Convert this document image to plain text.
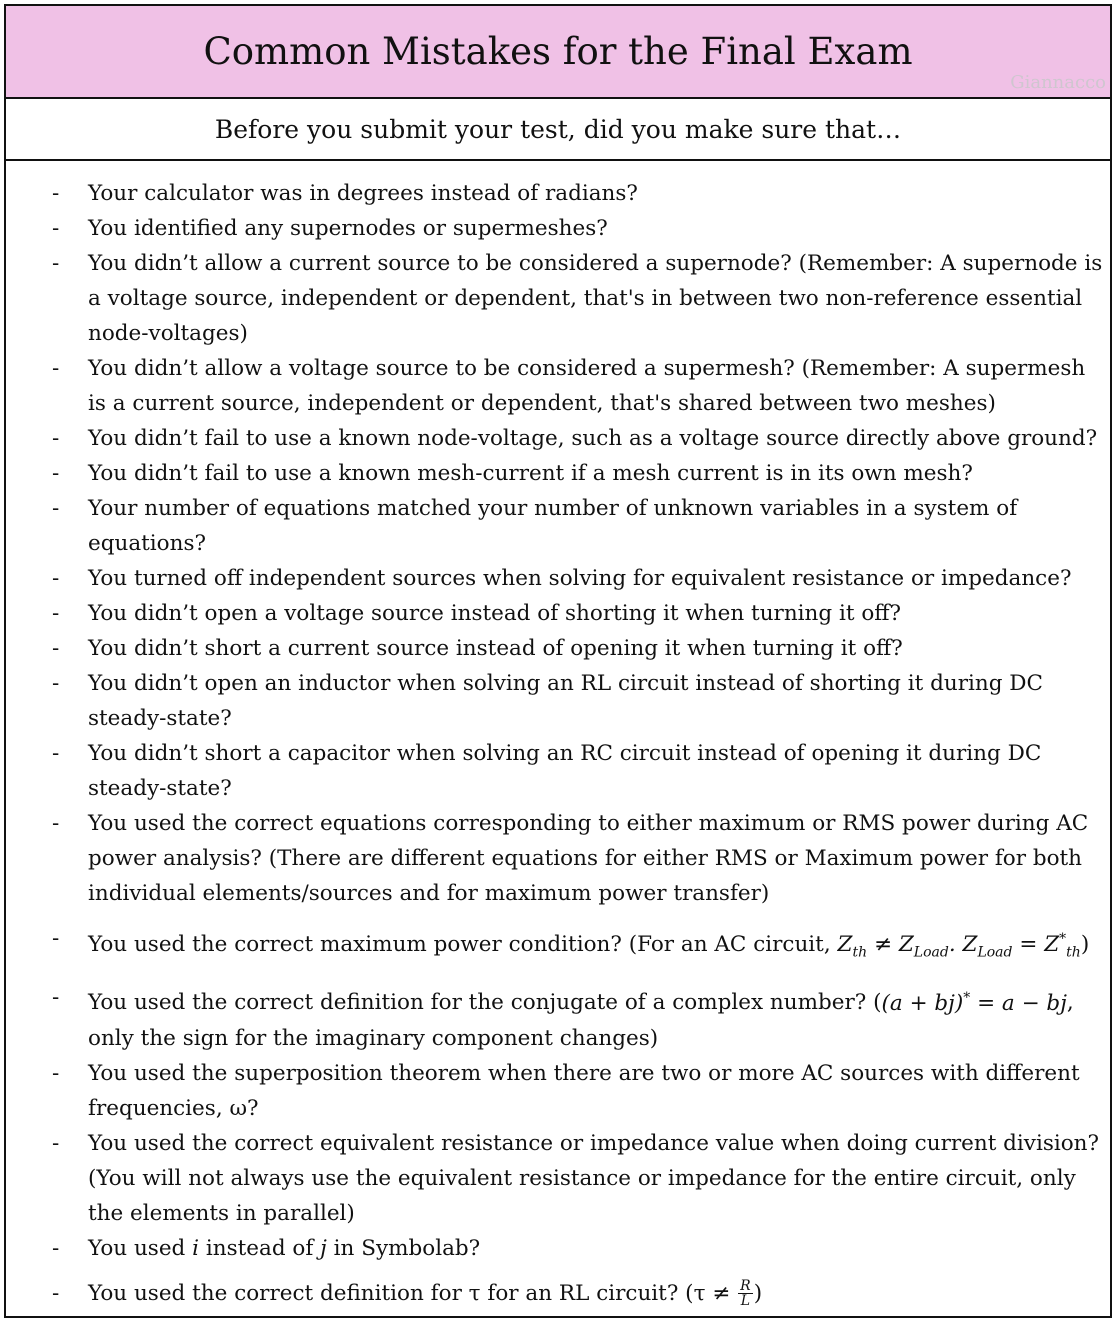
Common Mistakes for the Final Exam
Giannacco
Before you submit your test, did you make sure that…
- Your calculator was in degrees instead of radians?
- You identified any supernodes or supermeshes?
- You didn’t allow a current source to be considered a supernode? (Remember: A supernode is a voltage source, independent or dependent, that's in between two non-reference essential node-voltages)
- You didn’t allow a voltage source to be considered a supermesh? (Remember: A supermesh is a current source, independent or dependent, that's shared between two meshes)
- You didn’t fail to use a known node-voltage, such as a voltage source directly above ground?
- You didn’t fail to use a known mesh-current if a mesh current is in its own mesh?
- Your number of equations matched your number of unknown variables in a system of equations?
- You turned off independent sources when solving for equivalent resistance or impedance?
- You didn’t open a voltage source instead of shorting it when turning it off?
- You didn’t short a current source instead of opening it when turning it off?
- You didn’t open an inductor when solving an RL circuit instead of shorting it during DC steady-state?
- You didn’t short a capacitor when solving an RC circuit instead of opening it during DC steady-state?
- You used the correct equations corresponding to either maximum or RMS power during AC power analysis? (There are different equations for either RMS or Maximum power for both individual elements/sources and for maximum power transfer)
- You used the correct maximum power condition? (For an AC circuit, $Z_{th} \ne Z_{Load}$. $Z_{Load} = Z^*_{th}$)
- You used the correct definition for the conjugate of a complex number? ((a + bj)* = a − bj, only the sign for the imaginary component changes)
- You used the superposition theorem when there are two or more AC sources with different frequencies, ω?
- You used the correct equivalent resistance or impedance value when doing current division? (You will not always use the equivalent resistance or impedance for the entire circuit, only the elements in parallel)
- You used i instead of j in Symbolab?
- You used the correct definition for τ for an RL circuit? ($\tau \ne \frac{R}{L}$ )
